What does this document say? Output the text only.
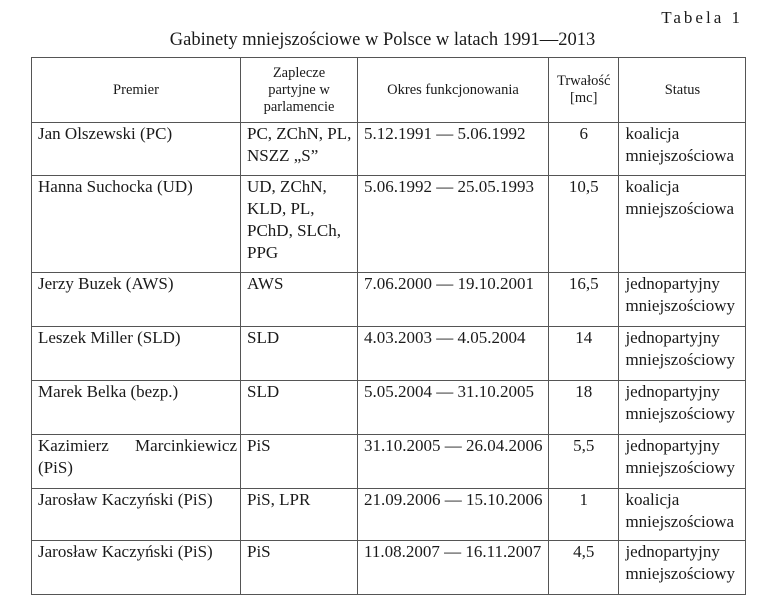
Tabela 1
Gabinety mniejszościowe w Polsce w latach 1991—2013
Premier	Zaplecze partyjne w parlamencie	Okres funkcjonowania	Trwałość [mc]	Status
Jan Olszewski (PC)	PC, ZChN, PL, NSZZ „S”	5.12.1991 — 5.06.1992	6	koalicja mniejszościowa
Hanna Suchocka (UD)	UD, ZChN, KLD, PL, PChD, SLCh, PPG	5.06.1992 — 25.05.1993	10,5	koalicja mniejszościowa
Jerzy Buzek (AWS)	AWS	7.06.2000 — 19.10.2001	16,5	jednopartyjny mniejszościowy
Leszek Miller (SLD)	SLD	4.03.2003 — 4.05.2004	14	jednopartyjny mniejszościowy
Marek Belka (bezp.)	SLD	5.05.2004 — 31.10.2005	18	jednopartyjny mniejszościowy
Kazimierz Marcinkiewicz (PiS)	PiS	31.10.2005 — 26.04.2006	5,5	jednopartyjny mniejszościowy
Jarosław Kaczyński (PiS)	PiS, LPR	21.09.2006 — 15.10.2006	1	koalicja mniejszościowa
Jarosław Kaczyński (PiS)	PiS	11.08.2007 — 16.11.2007	4,5	jednopartyjny mniejszościowy
